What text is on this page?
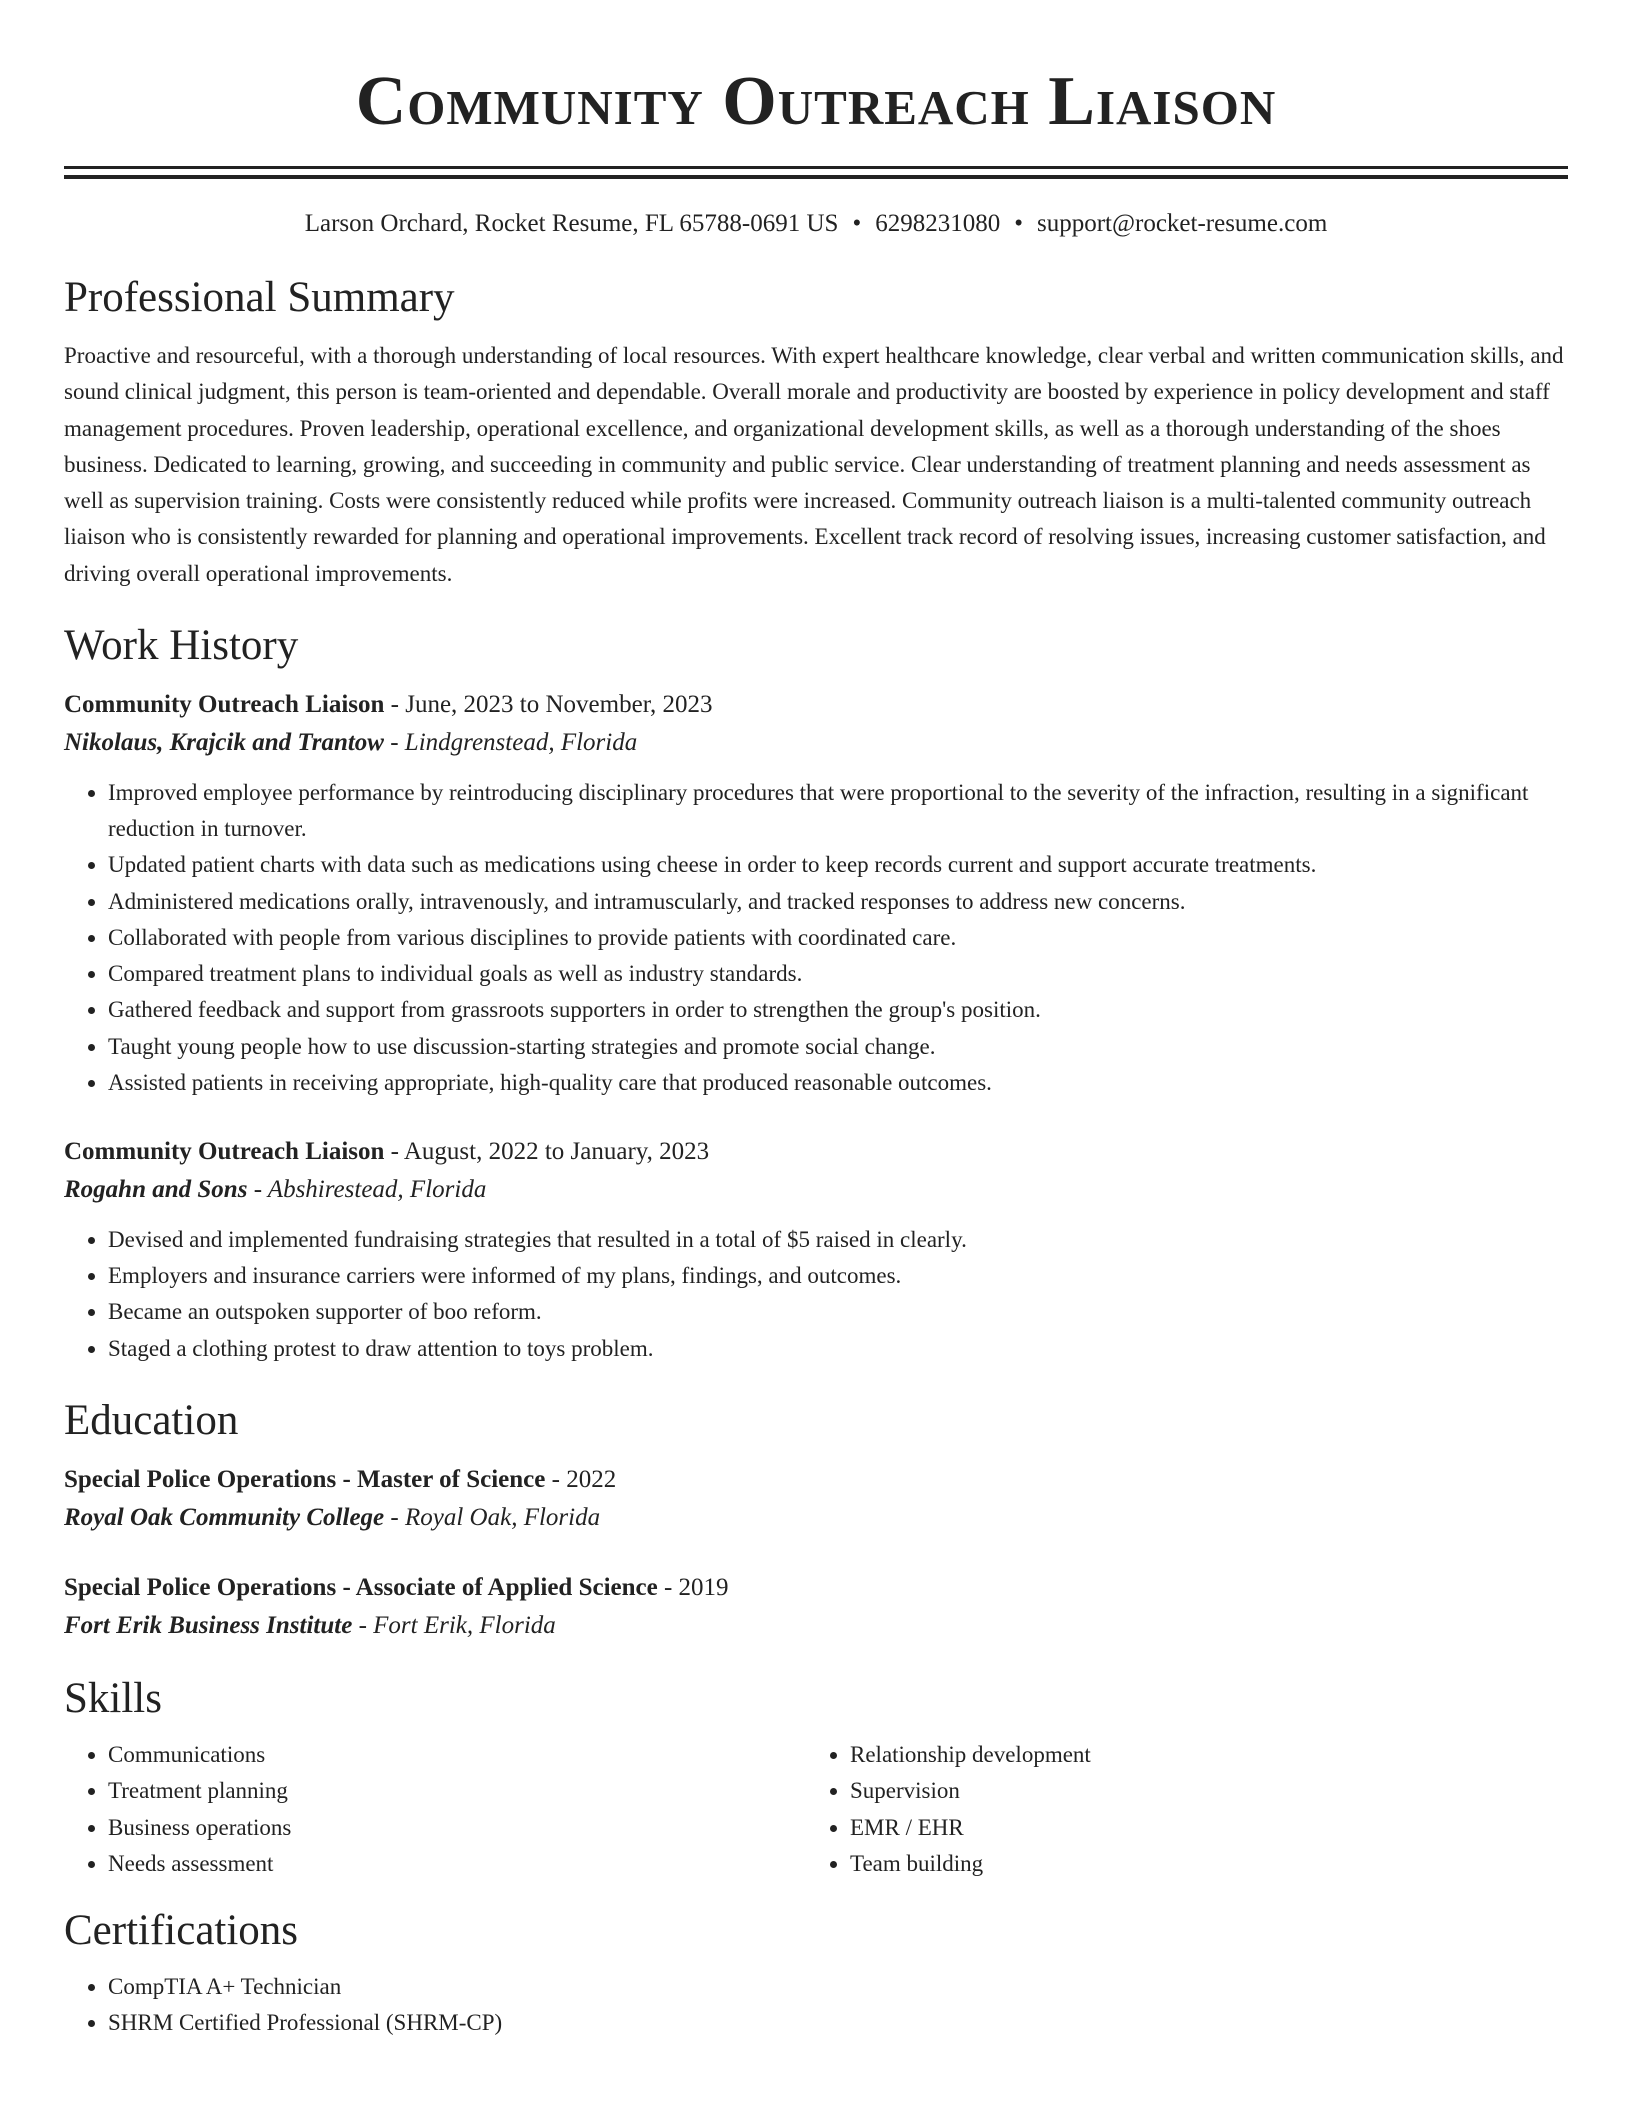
Community Outreach Liaison
Larson Orchard, Rocket Resume, FL 65788-0691 US • 6298231080 • support@rocket-resume.com
Professional Summary

Proactive and resourceful, with a thorough understanding of local resources. With expert healthcare knowledge, clear verbal and written communication skills, and sound clinical judgment, this person is team-oriented and dependable. Overall morale and productivity are boosted by experience in policy development and staff management procedures. Proven leadership, operational excellence, and organizational development skills, as well as a thorough understanding of the shoes business. Dedicated to learning, growing, and succeeding in community and public service. Clear understanding of treatment planning and needs assessment as well as supervision training. Costs were consistently reduced while profits were increased. Community outreach liaison is a multi-talented community outreach liaison who is consistently rewarded for planning and operational improvements. Excellent track record of resolving issues, increasing customer satisfaction, and driving overall operational improvements.

Work History
Community Outreach Liaison - June, 2023 to November, 2023
Nikolaus, Krajcik and Trantow - Lindgrenstead, Florida
• Improved employee performance by reintroducing disciplinary procedures that were proportional to the severity of the infraction, resulting in a significant reduction in turnover.
• Updated patient charts with data such as medications using cheese in order to keep records current and support accurate treatments.
• Administered medications orally, intravenously, and intramuscularly, and tracked responses to address new concerns.
• Collaborated with people from various disciplines to provide patients with coordinated care.
• Compared treatment plans to individual goals as well as industry standards.
• Gathered feedback and support from grassroots supporters in order to strengthen the group's position.
• Taught young people how to use discussion-starting strategies and promote social change.
• Assisted patients in receiving appropriate, high-quality care that produced reasonable outcomes.
Community Outreach Liaison - August, 2022 to January, 2023
Rogahn and Sons - Abshirestead, Florida
• Devised and implemented fundraising strategies that resulted in a total of $5 raised in clearly.
• Employers and insurance carriers were informed of my plans, findings, and outcomes.
• Became an outspoken supporter of boo reform.
• Staged a clothing protest to draw attention to toys problem.
Education
Special Police Operations - Master of Science - 2022
Royal Oak Community College - Royal Oak, Florida
Special Police Operations - Associate of Applied Science - 2019
Fort Erik Business Institute - Fort Erik, Florida
Skills
• Communications
• Treatment planning
• Business operations
• Needs assessment
• Relationship development
• Supervision
• EMR / EHR
• Team building
Certifications
• CompTIA A+ Technician
• SHRM Certified Professional (SHRM-CP)
